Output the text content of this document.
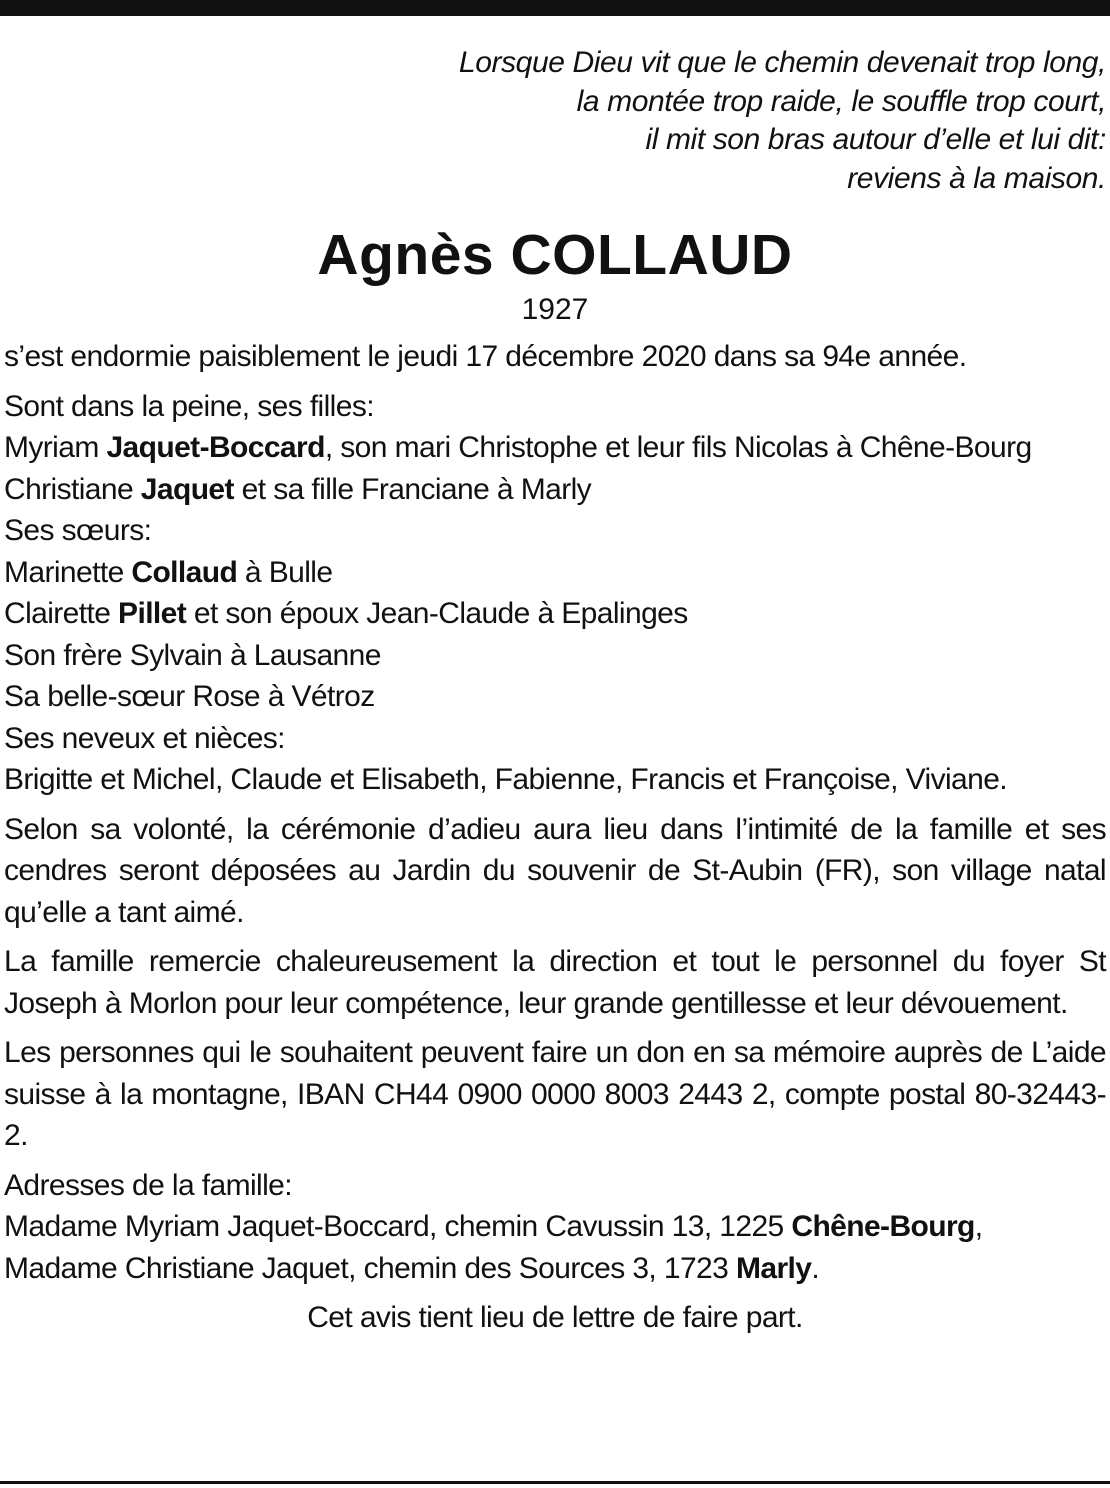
Lorsque Dieu vit que le chemin devenait trop long,
la montée trop raide, le souffle trop court,
il mit son bras autour d’elle et lui dit:
reviens à la maison.
Agnès COLLAUD
1927

s’est endormie paisiblement le jeudi 17 décembre 2020 dans sa 94e année.

Sont dans la peine, ses filles:

Myriam Jaquet-Boccard, son mari Christophe et leur fils Nicolas à Chêne-Bourg

Christiane Jaquet et sa fille Franciane à Marly

Ses sœurs:

Marinette Collaud à Bulle

Clairette Pillet et son époux Jean-Claude à Epalinges

Son frère Sylvain à Lausanne

Sa belle-sœur Rose à Vétroz

Ses neveux et nièces:

Brigitte et Michel, Claude et Elisabeth, Fabienne, Francis et Françoise, Viviane.

Selon sa volonté, la cérémonie d’adieu aura lieu dans l’intimité de la famille et ses cendres seront déposées au Jardin du souvenir de St-Aubin (FR), son village natal qu’elle a tant aimé.

La famille remercie chaleureusement la direction et tout le personnel du foyer St Joseph à Morlon pour leur compétence, leur grande gentillesse et leur dévouement.

Les personnes qui le souhaitent peuvent faire un don en sa mémoire auprès de L’aide suisse à la montagne, IBAN CH44 0900 0000 8003 2443 2, compte postal 80-32443-2.

Adresses de la famille:

Madame Myriam Jaquet-Boccard, chemin Cavussin 13, 1225 Chêne-Bourg,

Madame Christiane Jaquet, chemin des Sources 3, 1723 Marly.

Cet avis tient lieu de lettre de faire part.
